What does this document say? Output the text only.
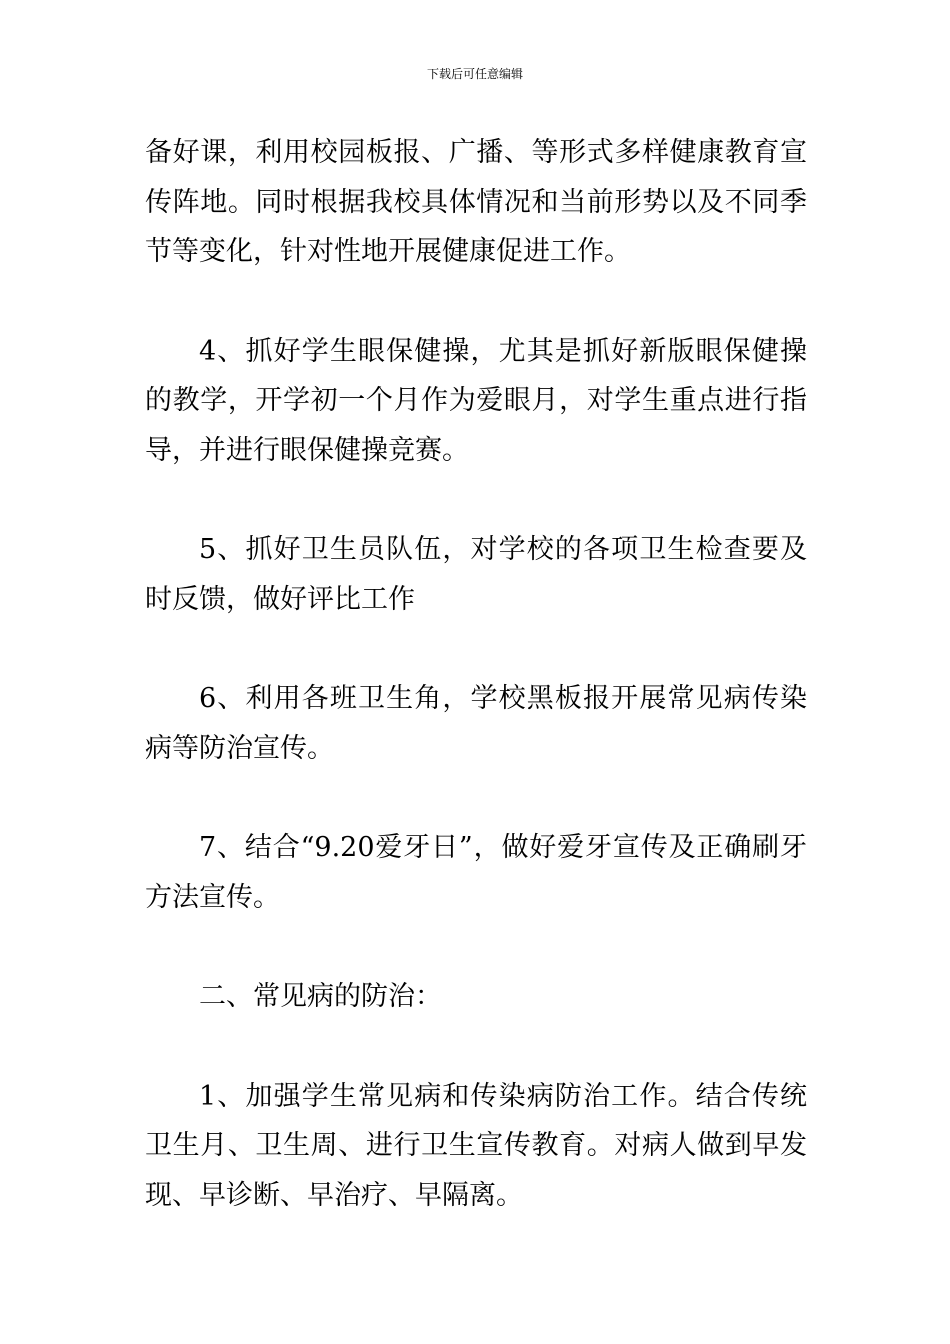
下载后可任意编辑

备好课，利用校园板报、广播、等形式多样健康教育宣传阵地。同时根据我校具体情况和当前形势以及不同季节等变化，针对性地开展健康促进工作。

4、抓好学生眼保健操，尤其是抓好新版眼保健操的教学，开学初一个月作为爱眼月，对学生重点进行指导，并进行眼保健操竞赛。

5、抓好卫生员队伍，对学校的各项卫生检查要及时反馈，做好评比工作

6、利用各班卫生角，学校黑板报开展常见病传染病等防治宣传。

7、结合“9.20爱牙日”，做好爱牙宣传及正确刷牙方法宣传。

二、常见病的防治：

1、加强学生常见病和传染病防治工作。结合传统卫生月、卫生周、进行卫生宣传教育。对病人做到早发现、早诊断、早治疗、早隔离。
